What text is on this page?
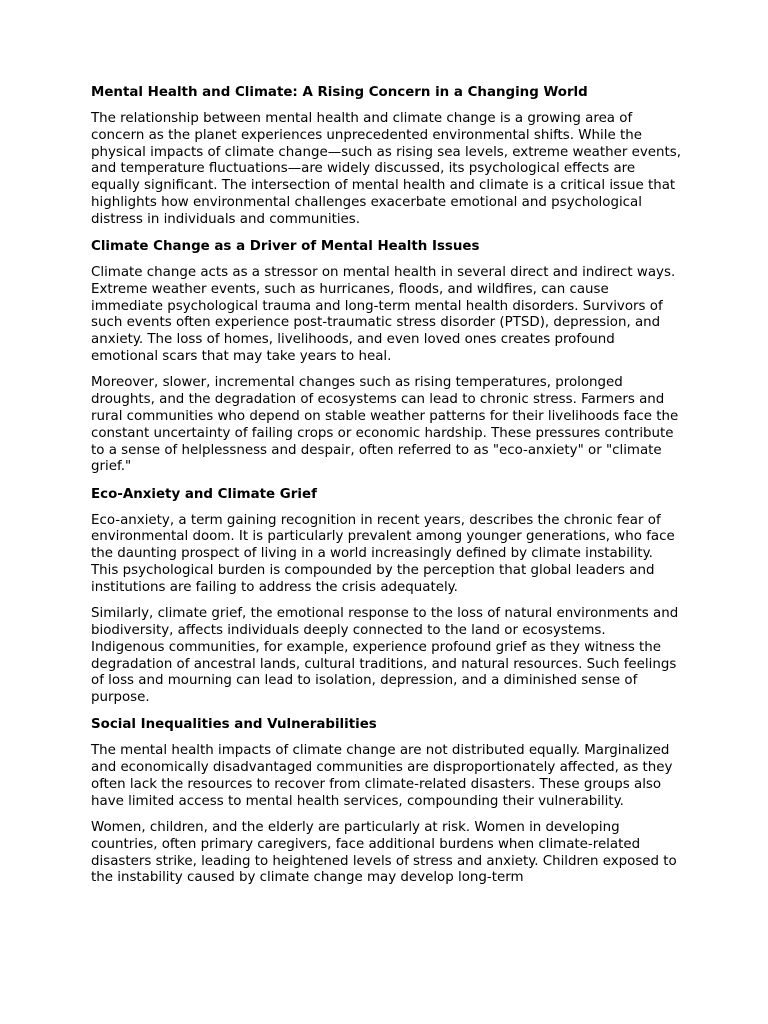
Mental Health and Climate: A Rising Concern in a Changing World

The relationship between mental health and climate change is a growing area of concern as the planet experiences unprecedented environmental shifts. While the physical impacts of climate change—such as rising sea levels, extreme weather events, and temperature fluctuations—are widely discussed, its psychological effects are equally significant. The intersection of mental health and climate is a critical issue that highlights how environmental challenges exacerbate emotional and psychological distress in individuals and communities.

Climate Change as a Driver of Mental Health Issues

Climate change acts as a stressor on mental health in several direct and indirect ways. Extreme weather events, such as hurricanes, floods, and wildfires, can cause immediate psychological trauma and long-term mental health disorders. Survivors of such events often experience post-traumatic stress disorder (PTSD), depression, and anxiety. The loss of homes, livelihoods, and even loved ones creates profound emotional scars that may take years to heal.

Moreover, slower, incremental changes such as rising temperatures, prolonged droughts, and the degradation of ecosystems can lead to chronic stress. Farmers and rural communities who depend on stable weather patterns for their livelihoods face the constant uncertainty of failing crops or economic hardship. These pressures contribute to a sense of helplessness and despair, often referred to as "eco-anxiety" or "climate grief."

Eco-Anxiety and Climate Grief

Eco-anxiety, a term gaining recognition in recent years, describes the chronic fear of environmental doom. It is particularly prevalent among younger generations, who face the daunting prospect of living in a world increasingly defined by climate instability. This psychological burden is compounded by the perception that global leaders and institutions are failing to address the crisis adequately.

Similarly, climate grief, the emotional response to the loss of natural environments and biodiversity, affects individuals deeply connected to the land or ecosystems. Indigenous communities, for example, experience profound grief as they witness the degradation of ancestral lands, cultural traditions, and natural resources. Such feelings of loss and mourning can lead to isolation, depression, and a diminished sense of purpose.

Social Inequalities and Vulnerabilities

The mental health impacts of climate change are not distributed equally. Marginalized and economically disadvantaged communities are disproportionately affected, as they often lack the resources to recover from climate-related disasters. These groups also have limited access to mental health services, compounding their vulnerability.

Women, children, and the elderly are particularly at risk. Women in developing countries, often primary caregivers, face additional burdens when climate-related disasters strike, leading to heightened levels of stress and anxiety. Children exposed to the instability caused by climate change may develop long-term
